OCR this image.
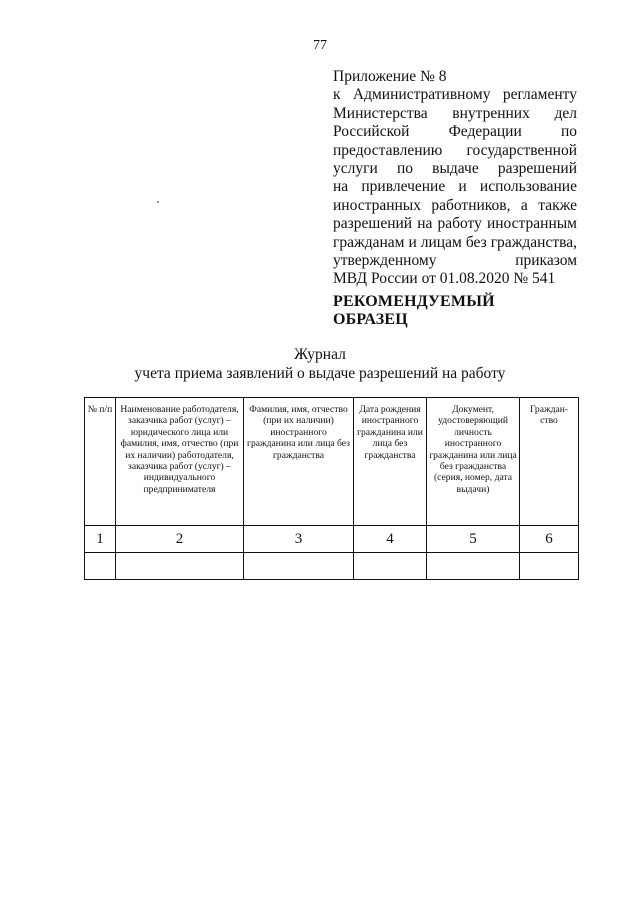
77
Приложение № 8
к Административному регламенту
Министерства внутренних дел
Российской	Федерации	по
предоставлению государственной
услуги по выдаче разрешений
на привлечение и использование
иностранных работников, а также
разрешений на работу иностранным
гражданам и лицам без гражданства,
утвержденному	приказом
МВД России от 01.08.2020 № 541
РЕКОМЕНДУЕМЫЙ
ОБРАЗЕЦ
Журнал
учета приема заявлений о выдаче разрешений на работу
№ п/п	Наименование работодателя, заказчика работ (услуг) – юридического лица или фамилия, имя, отчество (при их наличии) работодателя, заказчика работ (услуг) – индивидуального предпринимателя	Фамилия, имя, отчество (при их наличии) иностранного гражданина или лица без гражданства	Дата рождения иностранного гражданина или лица без гражданства	Документ, удостоверяющий личность иностранного гражданина или лица без гражданства (серия, номер, дата выдачи)	Граждан-ство
1	2	3	4	5	6
